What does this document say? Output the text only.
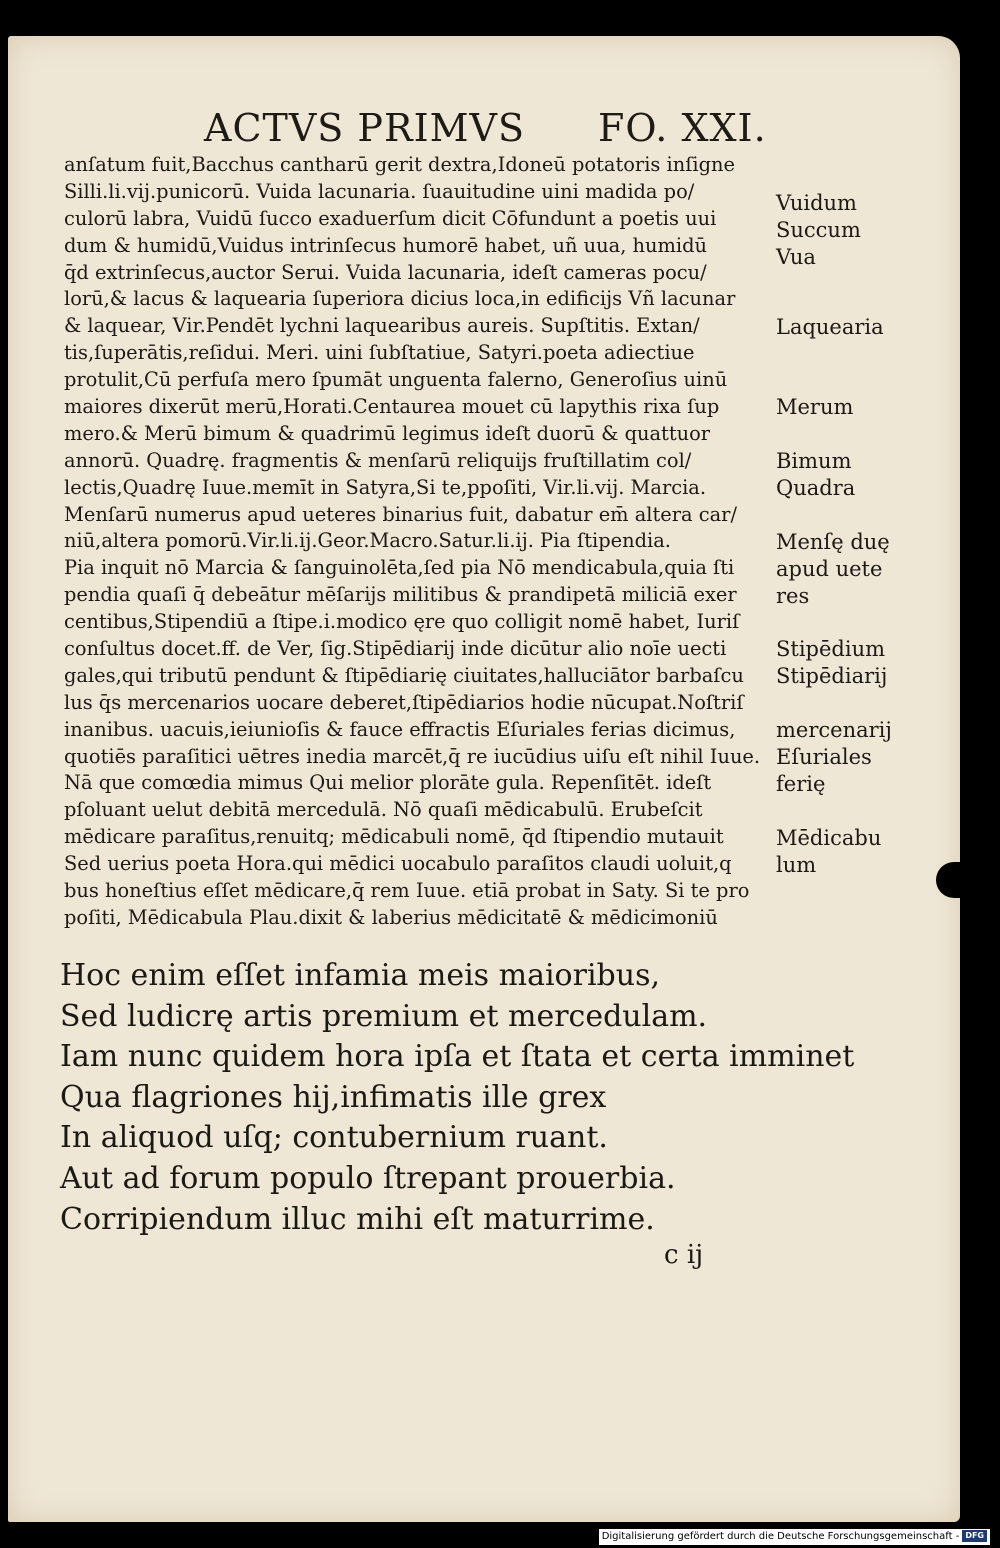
ACTVS PRIMVS FO. XXI.
anſatum fuit,Bacchus cantharū gerit dextra,Idoneū potatoris inſigne
Silli.li.vij.punicorū. Vuida lacunaria. ſuauitudine uini madida po/
culorū labra, Vuidū ſucco exaduerſum dicit Cōfundunt a poetis uui
dum & humidū,Vuidus intrinſecus humorē habet, uñ uua, humidū
q̄d extrinſecus,auctor Serui. Vuida lacunaria, ideſt cameras pocu/
lorū,& lacus & laquearia ſuperiora dicius loca,in edificijs Vñ lacunar
& laquear, Vir.Pendēt lychni laquearibus aureis. Supſtitis. Extan/
tis,ſuperātis,reſidui. Meri. uini ſubſtatiue, Satyri.poeta adiectiue
protulit,Cū perfuſa mero ſpumāt unguenta falerno, Generoſius uinū
maiores dixerūt merū,Horati.Centaurea mouet cū lapythis rixa ſup
mero.& Merū bimum & quadrimū legimus ideſt duorū & quattuor
annorū. Quadrę. fragmentis & menſarū reliquijs fruſtillatim col/
lectis,Quadrę Iuue.memīt in Satyra,Si te,ppoſiti, Vir.li.vij. Marcia.
Menſarū numerus apud ueteres binarius fuit, dabatur em̄ altera car/
niū,altera pomorū.Vir.li.ij.Geor.Macro.Satur.li.ij. Pia ſtipendia.
Pia inquit nō Marcia & ſanguinolēta,ſed pia Nō mendicabula,quia ſti
pendia quaſi q̄ debeātur mēſarijs militibus & prandipetā miliciā exer
centibus,Stipendiū a ſtipe.i.modico ęre quo colligit nomē habet, Iuriſ
conſultus docet.ff. de Ver, ſig.Stipēdiarij inde dicūtur alio noīe uecti
gales,qui tributū pendunt & ſtipēdiarię ciuitates,halluciātor barbaſcu
lus q̄s mercenarios uocare deberet,ſtipēdiarios hodie nūcupat.Noſtriſ
inanibus. uacuis,ieiunioſis & fauce effractis Eſuriales ferias dicimus,
quotiēs paraſitici uētres inedia marcēt,q̄ re iucūdius uiſu eſt nihil Iuue.
Nā que comœdia mimus Qui melior plorāte gula. Repenſitēt. ideſt
pſoluant uelut debitā mercedulā. Nō quaſi mēdicabulū. Erubeſcit
mēdicare paraſitus,renuitq; mēdicabuli nomē, q̄d ſtipendio mutauit
Sed uerius poeta Hora.qui mēdici uocabulo paraſitos claudi uoluit,q
bus honeſtius eſſet mēdicare,q̄ rem Iuue. etiā probat in Saty. Si te pro
poſiti, Mēdicabula Plau.dixit & laberius mēdicitatē & mēdicimoniū
Vuidum
Succum
Vua
Laquearia
Merum
Bimum
Quadra
Menſę duę
apud uete
res
Stipēdium
Stipēdiarij
mercenarij
Eſuriales
ferię
Mēdicabu
lum
Hoc enim eſſet infamia meis maioribus,
Sed ludicrę artis premium et mercedulam.
Iam nunc quidem hora ipſa et ſtata et certa imminet
Qua flagriones hij,infimatis ille grex
In aliquod uſq; contubernium ruant.
Aut ad forum populo ſtrepant prouerbia.
Corripiendum illuc mihi eſt maturrime.
c ij
Digitalisierung gefördert durch die Deutsche Forschungsgemeinschaft - DFG
